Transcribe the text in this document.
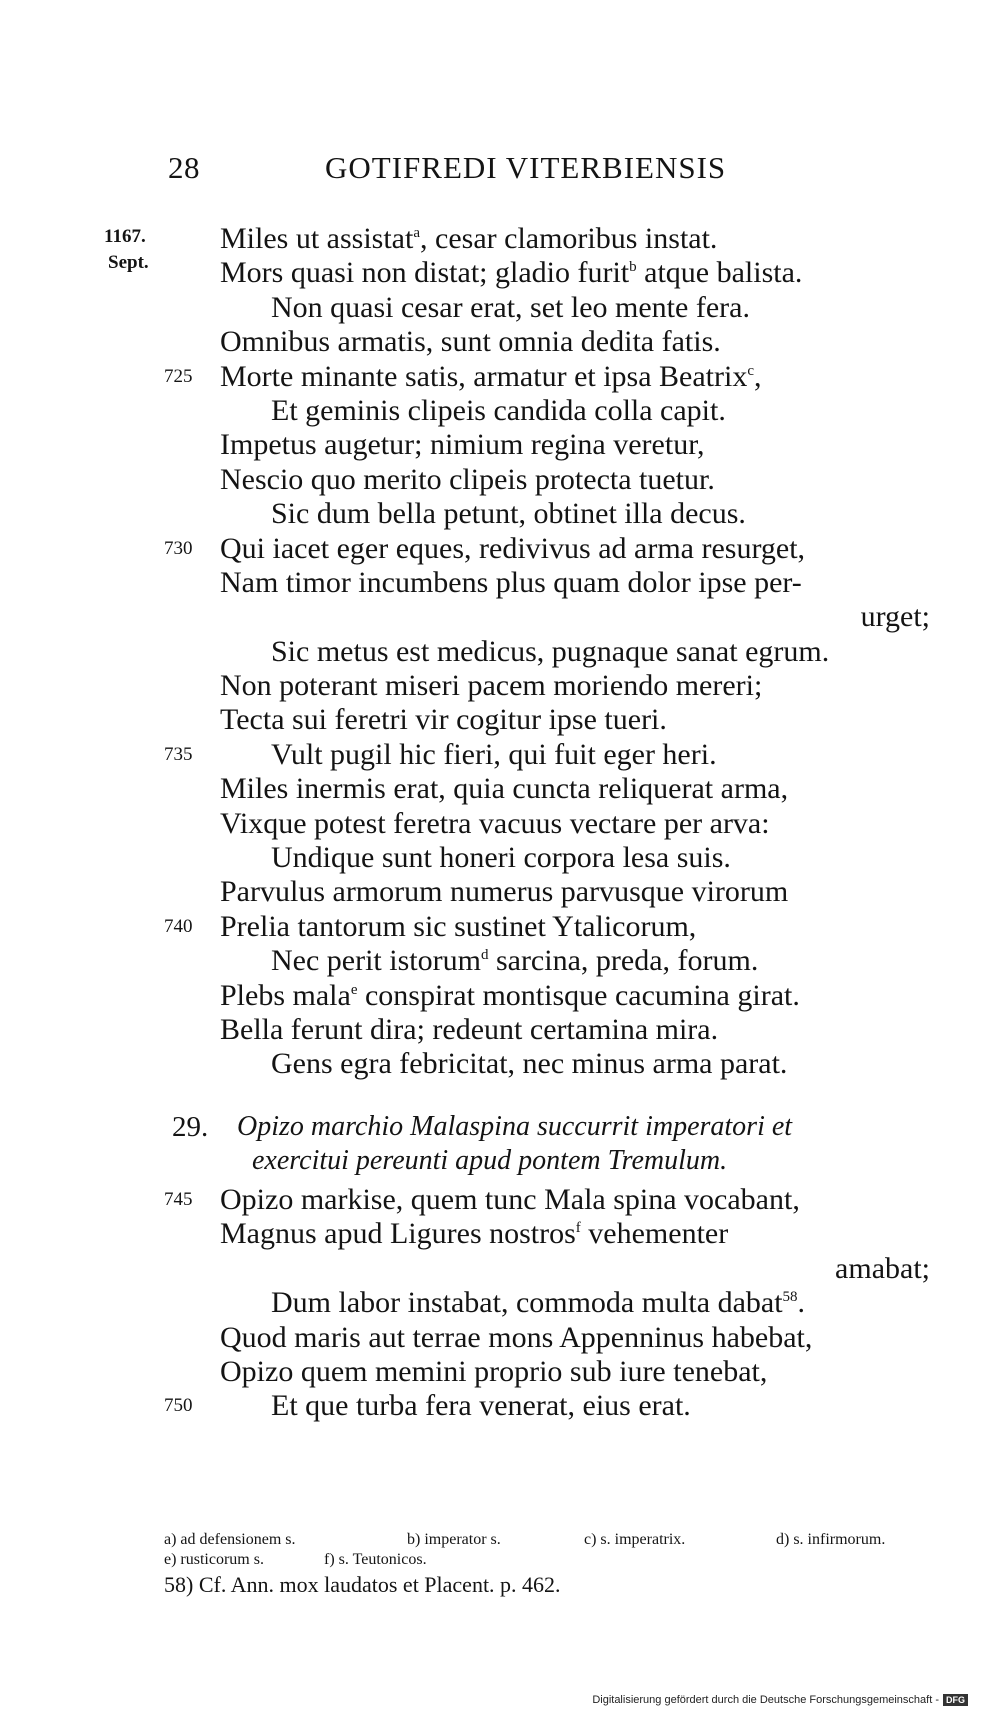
28	GOTIFREDI VITERBIENSIS
1167.
Sept.
Miles ut assistat$^a$, cesar clamoribus instat.
Mors quasi non distat; gladio furit$^b$ atque balista.
Non quasi cesar erat, set leo mente fera.
Omnibus armatis, sunt omnia dedita fatis.
725 Morte minante satis, armatur et ipsa Beatrix$^c$,
Et geminis clipeis candida colla capit.
Impetus augetur; nimium regina veretur,
Nescio quo merito clipeis protecta tuetur.
Sic dum bella petunt, obtinet illa decus.
730 Qui iacet eger eques, redivivus ad arma resurget,
Nam timor incumbens plus quam dolor ipse per-
urget;
Sic metus est medicus, pugnaque sanat egrum.
Non poterant miseri pacem moriendo mereri;
Tecta sui feretri vir cogitur ipse tueri.
735	Vult pugil hic fieri, qui fuit eger heri.
Miles inermis erat, quia cuncta reliquerat arma,
Vixque potest feretra vacuus vectare per arva:
Undique sunt honeri corpora lesa suis.
Parvulus armorum numerus parvusque virorum
740 Prelia tantorum sic sustinet Ytalicorum,
Nec perit istorum$^d$ sarcina, preda, forum.
Plebs mala$^e$ conspirat montisque cacumina girat.
Bella ferunt dira; redeunt certamina mira.
Gens egra febricitat, nec minus arma parat.
29. Opizo marchio Malaspina succurrit imperatori et
exercitui pereunti apud pontem Tremulum.
745 Opizo markise, quem tunc Mala spina vocabant,
Magnus apud Ligures nostros$^f$ vehementer
amabat;
Dum labor instabat, commoda multa dabat$^{58}$.
Quod maris aut terrae mons Appenninus habebat,
Opizo quem memini proprio sub iure tenebat,
750	Et que turba fera venerat, eius erat.
a) ad defensionem s.	b) imperator s.	c) s. imperatrix.	d) s. infirmorum.
e) rusticorum s.	f) s. Teutonicos.
58) Cf. Ann. mox laudatos et Placent. p. 462.
Digitalisierung gefördert durch die Deutsche Forschungsgemeinschaft - DFG
